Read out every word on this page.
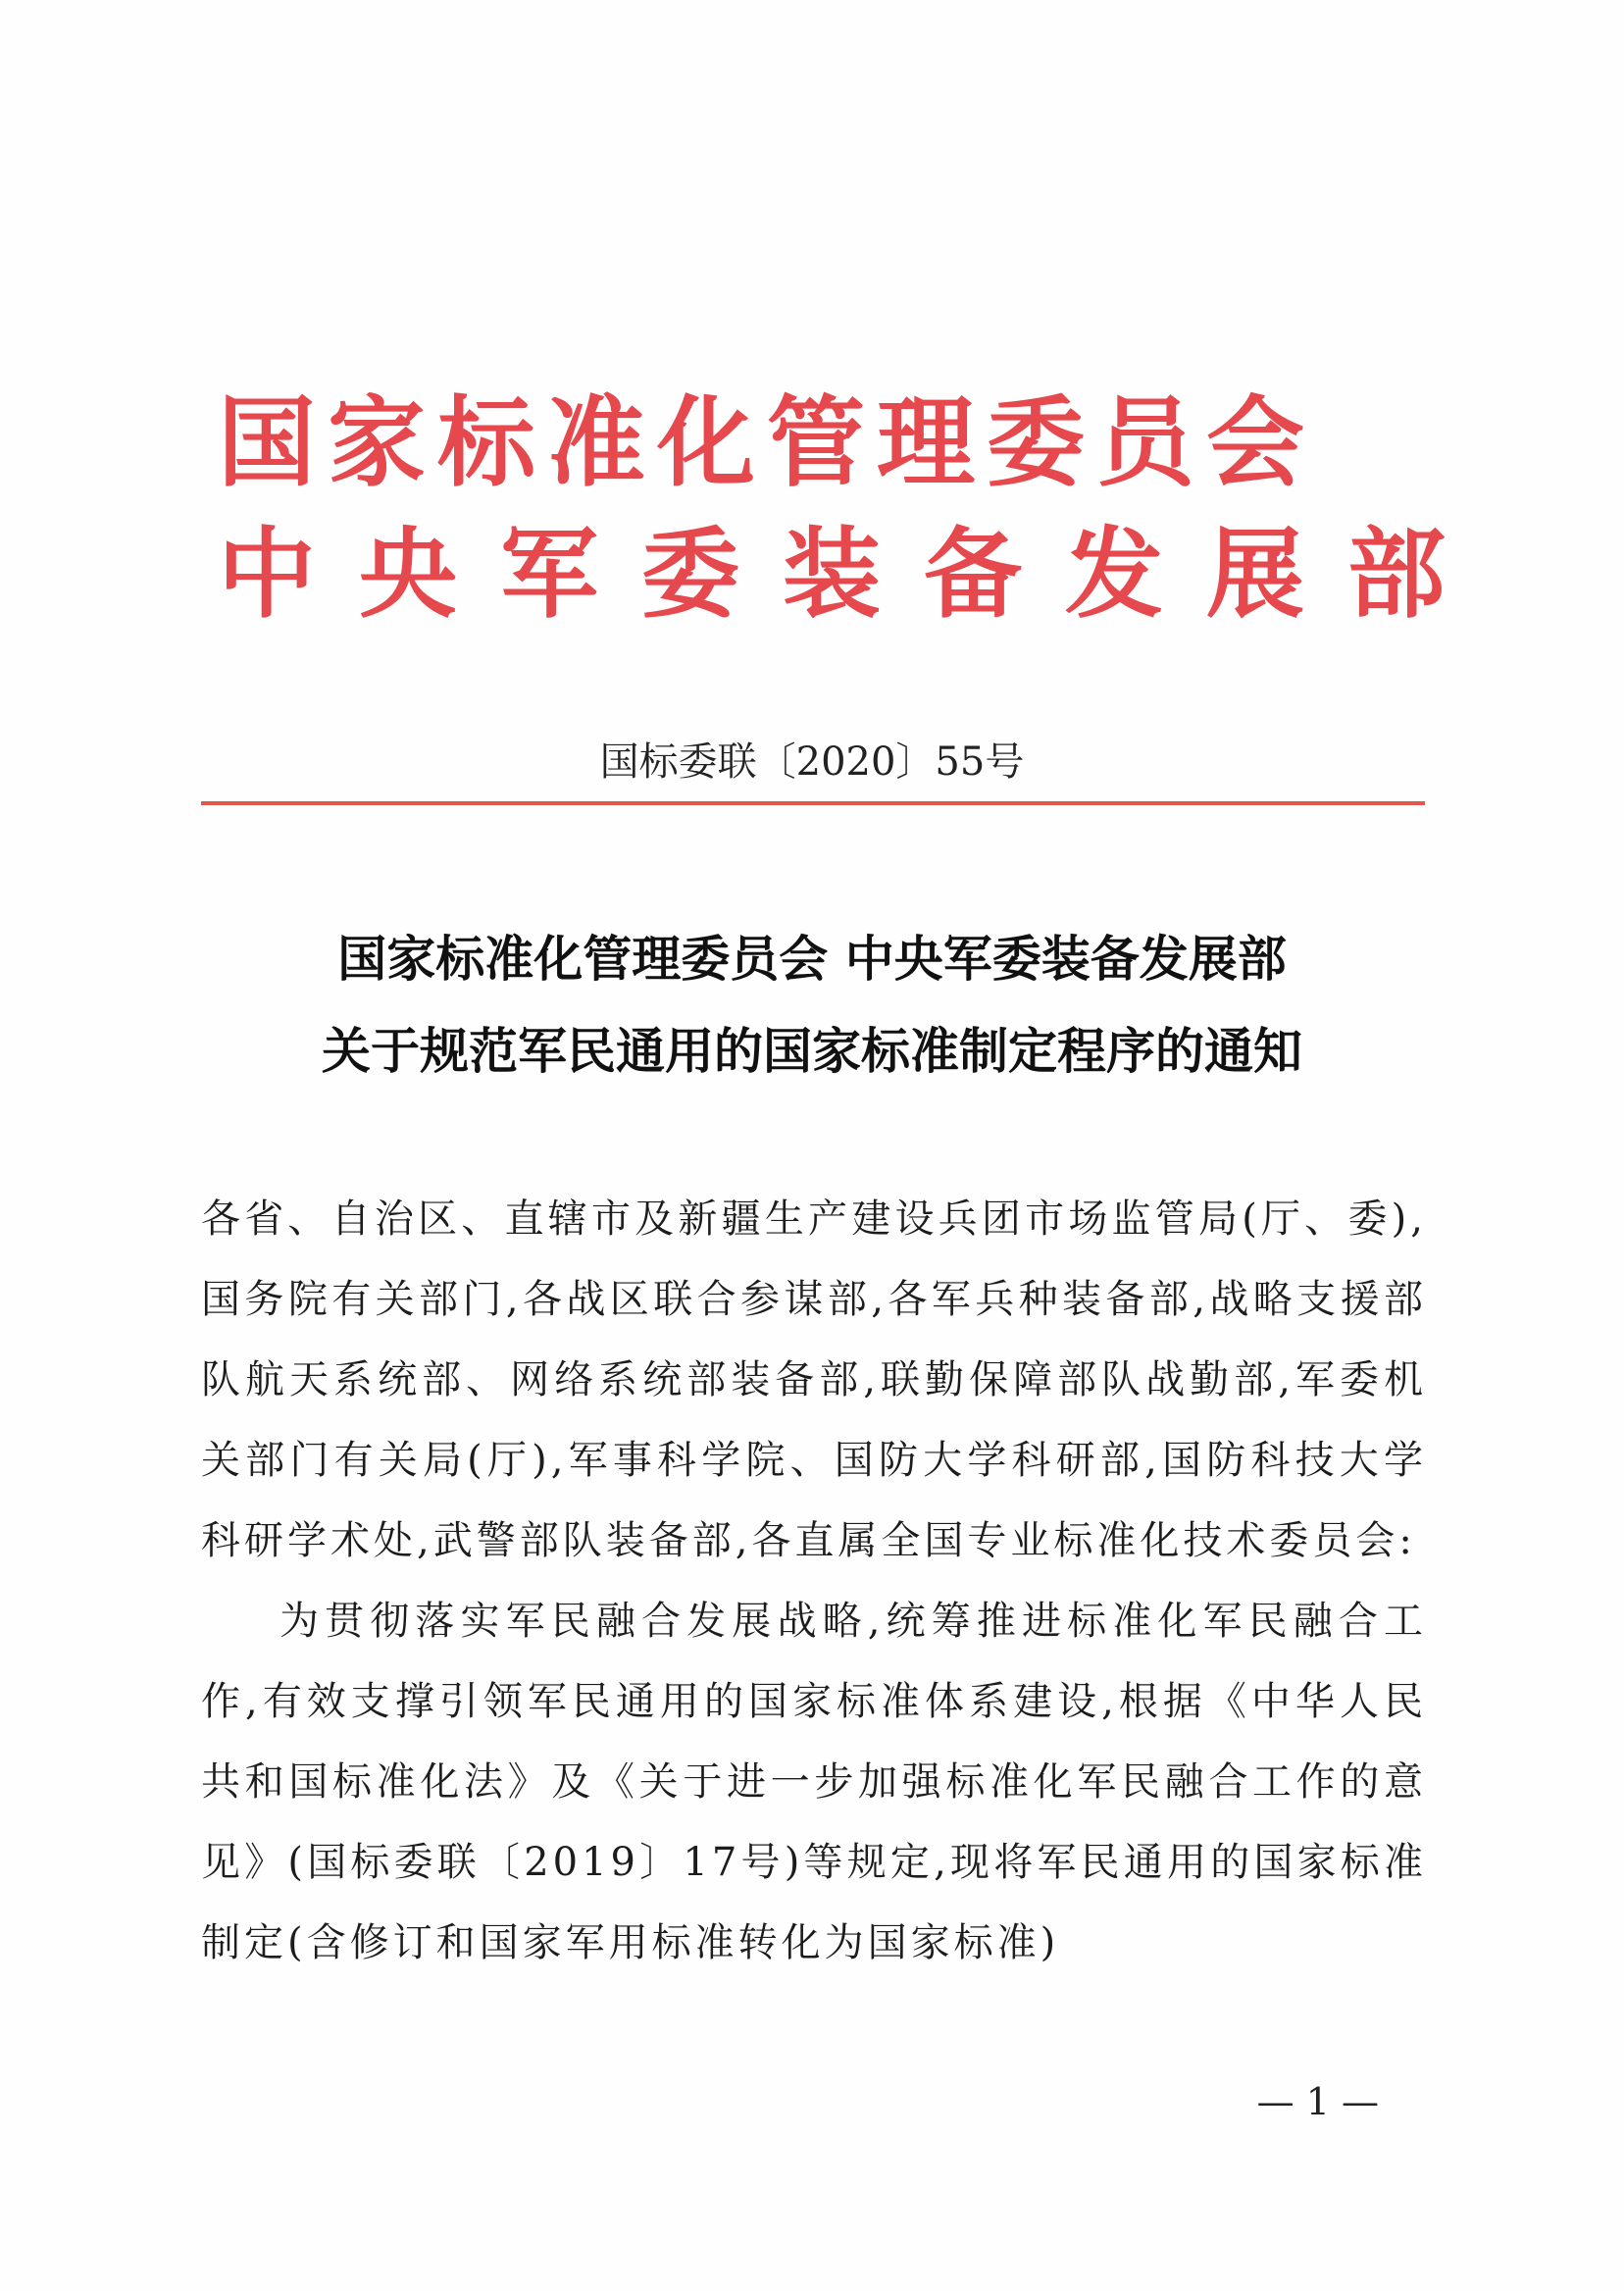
国家标准化管理委员会
中央军委装备发展部
国标委联〔2020〕55号
国家标准化管理委员会 中央军委装备发展部
关于规范军民通用的国家标准制定程序的通知

各省、自治区、直辖市及新疆生产建设兵团市场监管局(厅、委),国务院有关部门,各战区联合参谋部,各军兵种装备部,战略支援部队航天系统部、网络系统部装备部,联勤保障部队战勤部,军委机关部门有关局(厅),军事科学院、国防大学科研部,国防科技大学科研学术处,武警部队装备部,各直属全国专业标准化技术委员会:

为贯彻落实军民融合发展战略,统筹推进标准化军民融合工作,有效支撑引领军民通用的国家标准体系建设,根据《中华人民共和国标准化法》及《关于进一步加强标准化军民融合工作的意见》(国标委联〔2019〕17号)等规定,现将军民通用的国家标准制定(含修订和国家军用标准转化为国家标准)

— 1 —
